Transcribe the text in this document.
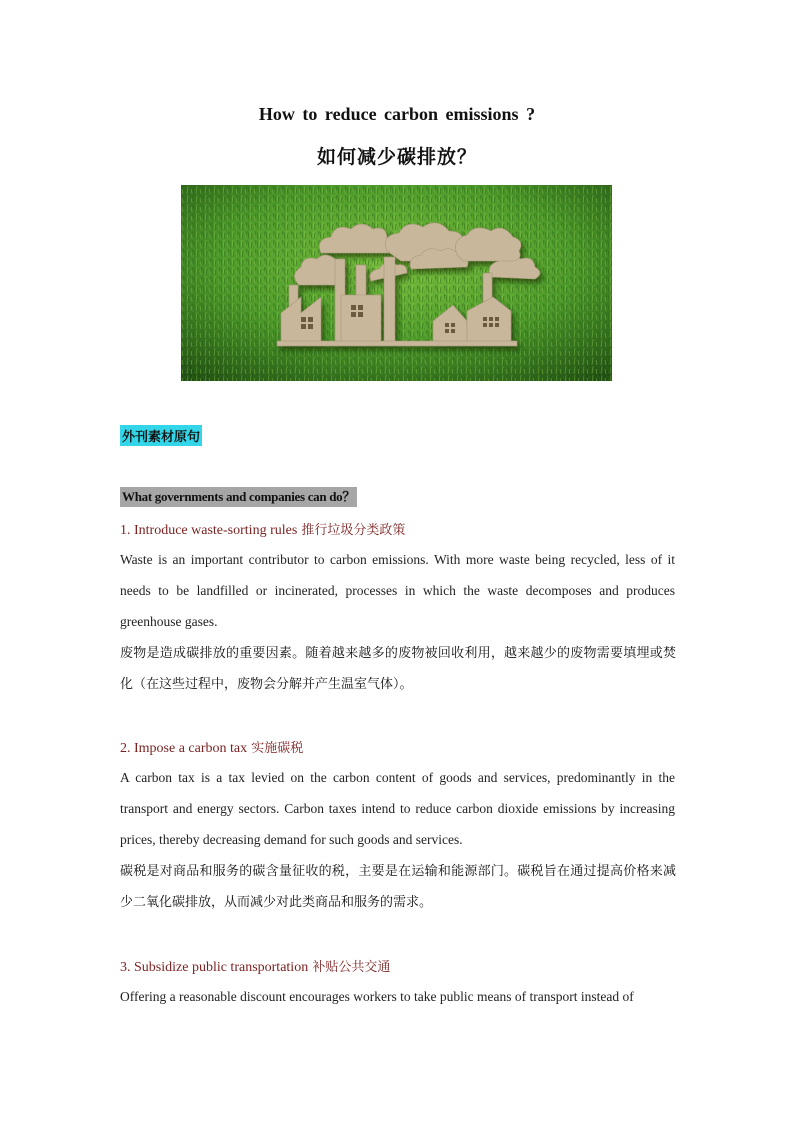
How to reduce carbon emissions ?
如何减少碳排放？
外刊素材原句
What governments and companies can do？
1. Introduce waste-sorting rules 推行垃圾分类政策
Waste is an important contributor to carbon emissions. With more waste being recycled, less of it needs to be landfilled or incinerated, processes in which the waste decomposes and produces greenhouse gases.
废物是造成碳排放的重要因素。随着越来越多的废物被回收利用，越来越少的废物需要填埋或焚化（在这些过程中，废物会分解并产生温室气体）。
2. Impose a carbon tax 实施碳税
A carbon tax is a tax levied on the carbon content of goods and services, predominantly in the transport and energy sectors. Carbon taxes intend to reduce carbon dioxide emissions by increasing prices, thereby decreasing demand for such goods and services.
碳税是对商品和服务的碳含量征收的税，主要是在运输和能源部门。碳税旨在通过提高价格来减少二氧化碳排放，从而减少对此类商品和服务的需求。
3. Subsidize public transportation 补贴公共交通
Offering a reasonable discount encourages workers to take public means of transport instead of
